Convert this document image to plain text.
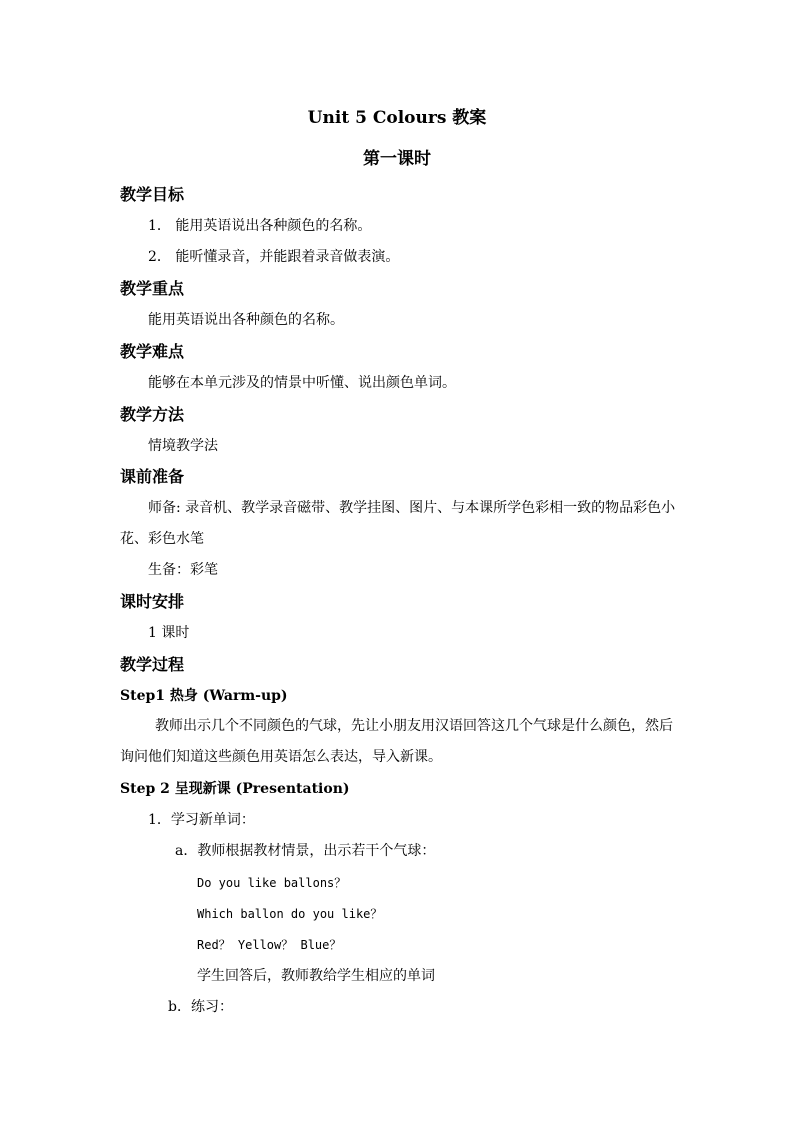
Unit 5 Colours 教案
第一课时
教学目标
1． 能用英语说出各种颜色的名称。
2． 能听懂录音，并能跟着录音做表演。
教学重点
能用英语说出各种颜色的名称。
教学难点
能够在本单元涉及的情景中听懂、说出颜色单词。
教学方法
情境教学法
课前准备
师备: 录音机、教学录音磁带、教学挂图、图片、与本课所学色彩相一致的物品彩色小
花、彩色水笔
生备：彩笔
课时安排
1 课时
教学过程
Step1 热身 (Warm-up)
教师出示几个不同颜色的气球，先让小朋友用汉语回答这几个气球是什么颜色，然后
询问他们知道这些颜色用英语怎么表达，导入新课。
Step 2 呈现新课 (Presentation)
1．学习新单词：
a．教师根据教材情景，出示若干个气球：
Do you like ballons？
Which ballon do you like？
Red？ Yellow？ Blue？
学生回答后，教师教给学生相应的单词
b．练习：
